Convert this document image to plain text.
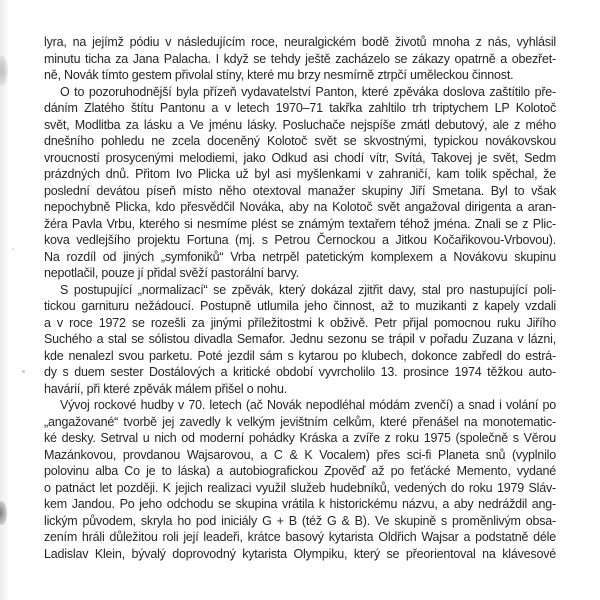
lyra, na jejímž pódiu v následujícím roce, neuralgickém bodě životů mnoha z nás, vyhlásil
minutu ticha za Jana Palacha. I když se tehdy ještě zacházelo se zákazy opatrně a obezřet-
ně, Novák tímto gestem přivolal stíny, které mu brzy nesmírně ztrpčí uměleckou činnost.
O to pozoruhodnější byla přízeň vydavatelství Panton, které zpěváka doslova zaštítilo pře-
dáním Zlatého štítu Pantonu a v letech 1970–71 takřka zahltilo trh triptychem LP Kolotoč
svět, Modlitba za lásku a Ve jménu lásky. Posluchače nejspíše zmátl debutový, ale z mého
dnešního pohledu ne zcela doceněný Kolotoč svět se skvostnými, typickou novákovskou
vroucností prosycenými melodiemi, jako Odkud asi chodí vítr, Svítá, Takovej je svět, Sedm
prázdných dnů. Přitom Ivo Plicka už byl asi myšlenkami v zahraničí, kam tolik spěchal, že
poslední devátou píseň místo něho otextoval manažer skupiny Jiří Smetana. Byl to však
nepochybně Plicka, kdo přesvědčil Nováka, aby na Kolotoč svět angažoval dirigenta a aran-
žéra Pavla Vrbu, kterého si nesmíme plést se známým textařem téhož jména. Znali se z Plic-
kova vedlejšího projektu Fortuna (mj. s Petrou Černockou a Jitkou Kočařikovou-Vrbovou).
Na rozdíl od jiných „symfoniků“ Vrba netrpěl patetickým komplexem a Novákovu skupinu
nepotlačil, pouze jí přidal svěží pastorální barvy.
S postupující „normalizací“ se zpěvák, který dokázal zjitřit davy, stal pro nastupující poli-
tickou garnituru nežádoucí. Postupně utlumila jeho činnost, až to muzikanti z kapely vzdali
a v roce 1972 se rozešli za jinými příležitostmi k obživě. Petr přijal pomocnou ruku Jiřího
Suchého a stal se sólistou divadla Semafor. Jednu sezonu se trápil v pořadu Zuzana v lázni,
kde nenalezl svou parketu. Poté jezdil sám s kytarou po klubech, dokonce zabředl do estrá-
dy s duem sester Dostálových a kritické období vyvrcholilo 13. prosince 1974 těžkou auto-
havárií, při které zpěvák málem přišel o nohu.
Vývoj rockové hudby v 70. letech (ač Novák nepodléhal módám zvenčí) a snad i volání po
„angažované“ tvorbě jej zavedly k velkým jevištním celkům, které přenášel na monotematic-
ké desky. Setrval u nich od moderní pohádky Kráska a zvíře z roku 1975 (společně s Věrou
Mazánkovou, provdanou Wajsarovou, a C & K Vocalem) přes sci-fi Planeta snů (vyplnilo
polovinu alba Co je to láska) a autobiografickou Zpověď až po feťácké Memento, vydané
o patnáct let později. K jejich realizaci využil služeb hudebníků, vedených do roku 1979 Sláv-
kem Jandou. Po jeho odchodu se skupina vrátila k historickému názvu, a aby nedráždil ang-
lickým původem, skryla ho pod iniciály G + B (též G & B). Ve skupině s proměnlivým obsa-
zením hráli důležitou roli její leadeři, krátce basový kytarista Oldřich Wajsar a podstatně déle
Ladislav Klein, bývalý doprovodný kytarista Olympiku, který se přeorientoval na klávesové
